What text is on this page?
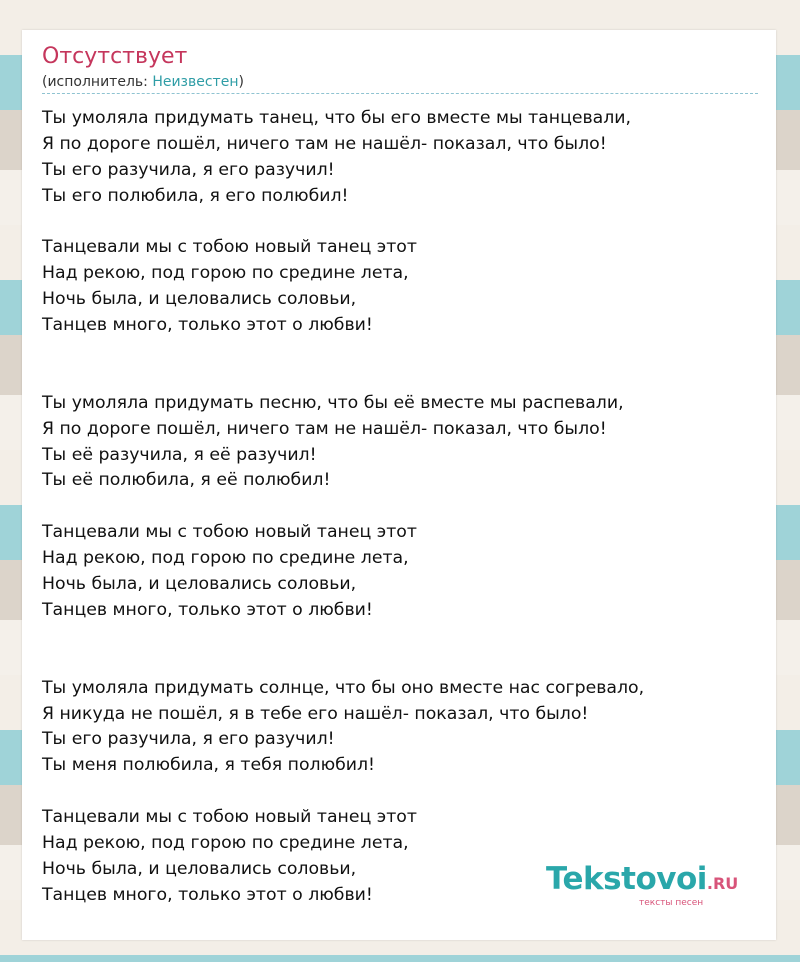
Отсутствует
(исполнитель: Неизвестен)
Ты умоляла придумать танец, что бы его вместе мы танцевали,
Я по дороге пошёл, ничего там не нашёл- показал, что было!
Ты его разучила, я его разучил!
Ты его полюбила, я его полюбил!
Танцевали мы с тобою новый танец этот
Над рекою, под горою по средине лета,
Ночь была, и целовались соловьи,
Танцев много, только этот о любви!
Ты умоляла придумать песню, что бы её вместе мы распевали,
Я по дороге пошёл, ничего там не нашёл- показал, что было!
Ты её разучила, я её разучил!
Ты её полюбила, я её полюбил!
Танцевали мы с тобою новый танец этот
Над рекою, под горою по средине лета,
Ночь была, и целовались соловьи,
Танцев много, только этот о любви!
Ты умоляла придумать солнце, что бы оно вместе нас согревало,
Я никуда не пошёл, я в тебе его нашёл- показал, что было!
Ты его разучила, я его разучил!
Ты меня полюбила, я тебя полюбил!
Танцевали мы с тобою новый танец этот
Над рекою, под горою по средине лета,
Ночь была, и целовались соловьи,
Танцев много, только этот о любви!	Tekstovoi.RU
тексты песен
